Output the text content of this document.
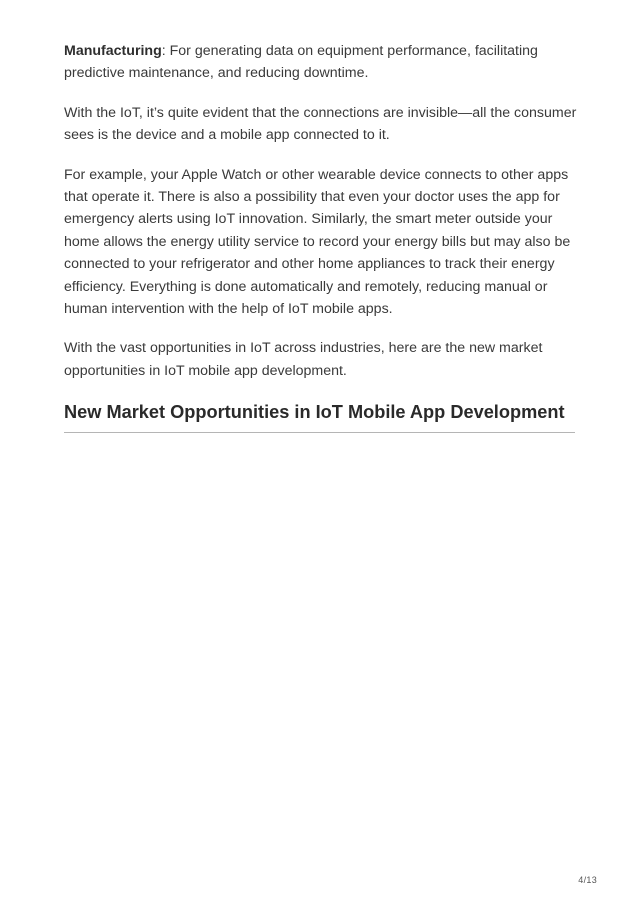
Manufacturing: For generating data on equipment performance, facilitating predictive maintenance, and reducing downtime.

With the IoT, it’s quite evident that the connections are invisible—all the consumer sees is the device and a mobile app connected to it.

For example, your Apple Watch or other wearable device connects to other apps that operate it. There is also a possibility that even your doctor uses the app for emergency alerts using IoT innovation. Similarly, the smart meter outside your home allows the energy utility service to record your energy bills but may also be connected to your refrigerator and other home appliances to track their energy efficiency. Everything is done automatically and remotely, reducing manual or human intervention with the help of IoT mobile apps.

With the vast opportunities in IoT across industries, here are the new market opportunities in IoT mobile app development.

New Market Opportunities in IoT Mobile App Development
4/13
